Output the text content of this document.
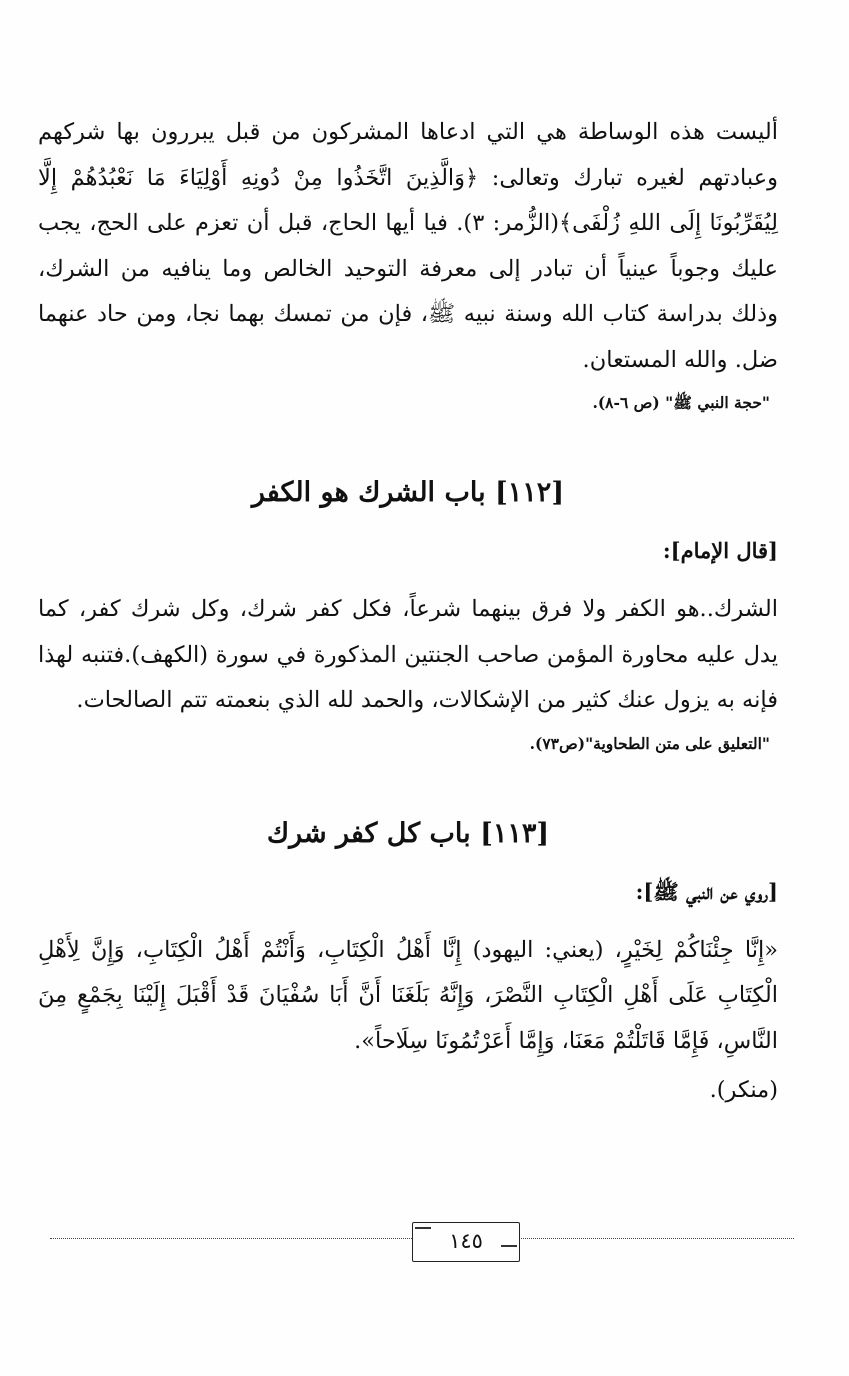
أليست هذه الوساطة هي التي ادعاها المشركون من قبل يبررون بها شركهم وعبادتهم لغيره تبارك وتعالى: ﴿وَالَّذِينَ اتَّخَذُوا مِنْ دُونِهِ أَوْلِيَاءَ مَا نَعْبُدُهُمْ إِلَّا لِيُقَرِّبُونَا إِلَى اللهِ زُلْفَى﴾(الزُّمر: ٣). فيا أيها الحاج، قبل أن تعزم على الحج، يجب عليك وجوباً عينياً أن تبادر إلى معرفة التوحيد الخالص وما ينافيه من الشرك، وذلك بدراسة كتاب الله وسنة نبيه ﷺ، فإن من تمسك بهما نجا، ومن حاد عنهما ضل. والله المستعان.

"حجة النبي ﷺ" (ص ٦-٨).
[١١٢] باب الشرك هو الكفر
[قال الإمام]:

الشرك..هو الكفر ولا فرق بينهما شرعاً، فكل كفر شرك، وكل شرك كفر، كما يدل عليه محاورة المؤمن صاحب الجنتين المذكورة في سورة (الكهف).فتنبه لهذا فإنه به يزول عنك كثير من الإشكالات، والحمد لله الذي بنعمته تتم الصالحات.

"التعليق على متن الطحاوية"(ص٧٣).
[١١٣] باب كل كفر شرك
[روي عن النبي ﷺ]:

«إِنَّا جِئْنَاكُمْ لِخَيْرٍ، (يعني: اليهود) إِنَّا أَهْلُ الْكِتَابِ، وَأَنْتُمْ أَهْلُ الْكِتَابِ، وَإِنَّ لِأَهْلِ الْكِتَابِ عَلَى أَهْلِ الْكِتَابِ النَّصْرَ، وَإِنَّهُ بَلَغَنَا أَنَّ أَبَا سُفْيَانَ قَدْ أَقْبَلَ إِلَيْنَا بِجَمْعٍ مِنَ النَّاسِ، فَإِمَّا قَاتَلْتُمْ مَعَنَا، وَإِمَّا أَعَرْتُمُونَا سِلَاحاً».

(منكر).
١٤٥
